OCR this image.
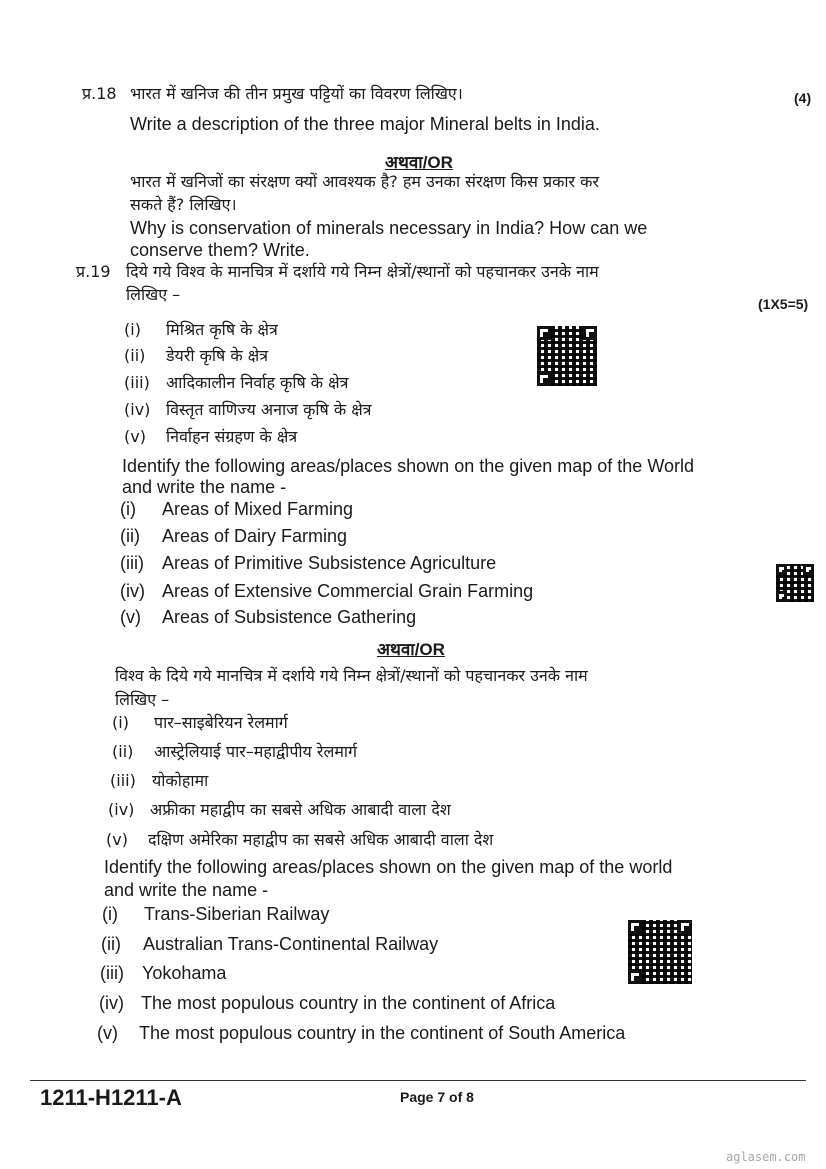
प्र.18 भारत में खनिज की तीन प्रमुख पट्टियों का विवरण लिखिए।	(4)
Write a description of the three major Mineral belts in India.
अथवा/OR
भारत में खनिजों का संरक्षण क्यों आवश्यक है? हम उनका संरक्षण किस प्रकार कर
सकते हैं? लिखिए।
Why is conservation of minerals necessary in India? How can we
conserve them? Write.
प्र.19 दिये गये विश्व के मानचित्र में दर्शाये गये निम्न क्षेत्रों/स्थानों को पहचानकर उनके नाम
लिखिए –	(1X5=5)
(i) मिश्रित कृषि के क्षेत्र
(ii) डेयरी कृषि के क्षेत्र
(iii) आदिकालीन निर्वाह कृषि के क्षेत्र
(iv) विस्तृत वाणिज्य अनाज कृषि के क्षेत्र
(v) निर्वाहन संग्रहण के क्षेत्र
Identify the following areas/places shown on the given map of the World
and write the name -
(i) Areas of Mixed Farming
(ii) Areas of Dairy Farming
(iii) Areas of Primitive Subsistence Agriculture
(iv) Areas of Extensive Commercial Grain Farming
(v) Areas of Subsistence Gathering
अथवा/OR
विश्व के दिये गये मानचित्र में दर्शाये गये निम्न क्षेत्रों/स्थानों को पहचानकर उनके नाम
लिखिए –
(i) पार–साइबेरियन रेलमार्ग
(ii) आस्ट्रेलियाई पार–महाद्वीपीय रेलमार्ग
(iii) योकोहामा
(iv) अफ्रीका महाद्वीप का सबसे अधिक आबादी वाला देश
(v) दक्षिण अमेरिका महाद्वीप का सबसे अधिक आबादी वाला देश
Identify the following areas/places shown on the given map of the world
and write the name -
(i) Trans-Siberian Railway
(ii) Australian Trans-Continental Railway
(iii) Yokohama
(iv) The most populous country in the continent of Africa
(v) The most populous country in the continent of South America
1211-H1211-A	Page 7 of 8
aglasem.com
